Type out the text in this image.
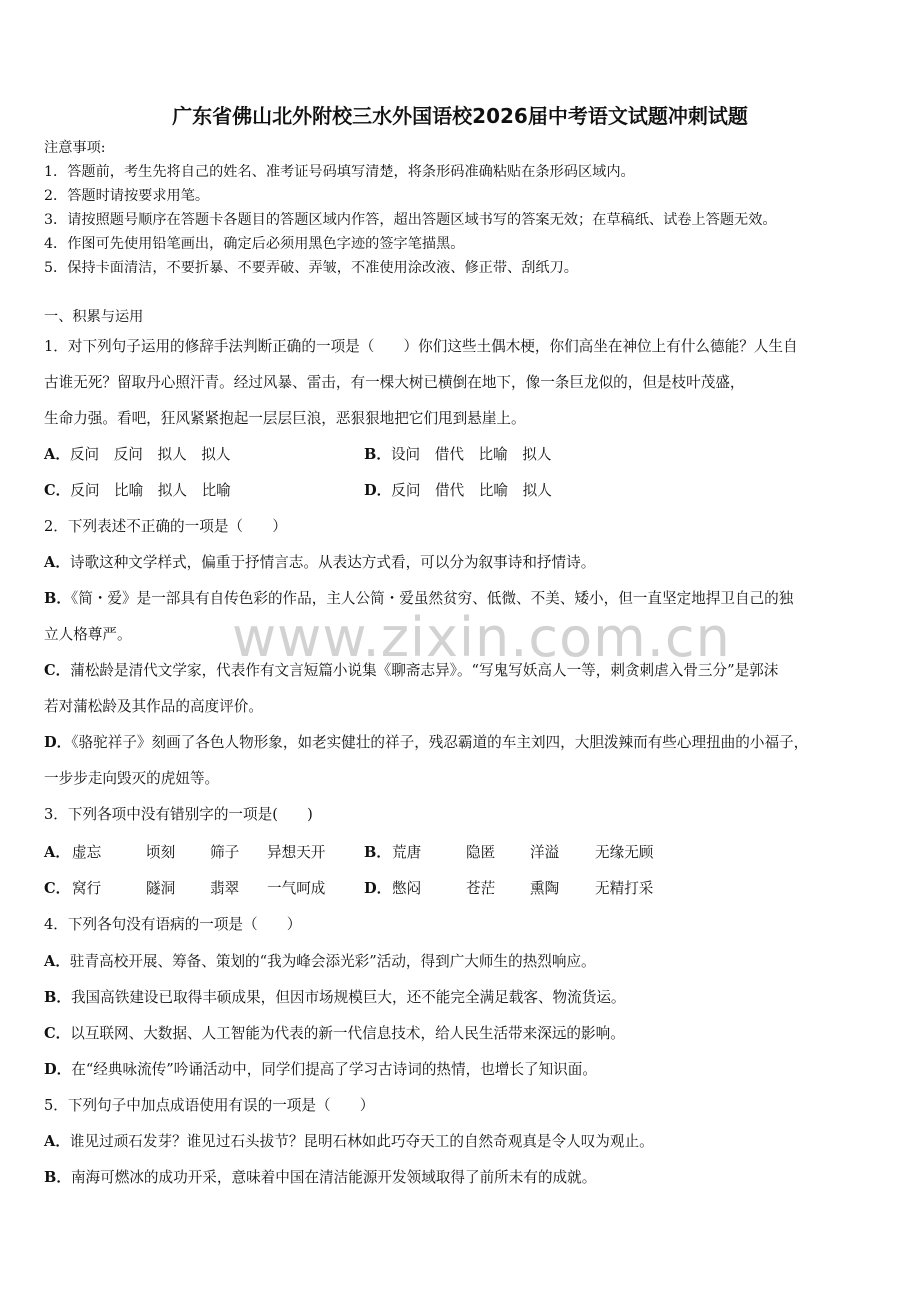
广东省佛山北外附校三水外国语校2026届中考语文试题冲刺试题
注意事项:
1．答题前，考生先将自己的姓名、准考证号码填写清楚，将条形码准确粘贴在条形码区域内。
2．答题时请按要求用笔。
3．请按照题号顺序在答题卡各题目的答题区域内作答，超出答题区域书写的答案无效；在草稿纸、试卷上答题无效。
4．作图可先使用铅笔画出，确定后必须用黑色字迹的签字笔描黑。
5．保持卡面清洁，不要折暴、不要弄破、弄皱，不准使用涂改液、修正带、刮纸刀。
一、积累与运用
1．对下列句子运用的修辞手法判断正确的一项是（　　）你们这些土偶木梗，你们高坐在神位上有什么德能？人生自
古谁无死？留取丹心照汗青。经过风暴、雷击，有一棵大树已横倒在地下，像一条巨龙似的，但是枝叶茂盛，
生命力强。看吧，狂风紧紧抱起一层层巨浪，恶狠狠地把它们甩到悬崖上。
A．反问　反问　拟人　拟人	B．设问　借代　比喻　拟人
C．反问　比喻　拟人　比喻	D．反问　借代　比喻　拟人
2．下列表述不正确的一项是（　　）
A．诗歌这种文学样式，偏重于抒情言志。从表达方式看，可以分为叙事诗和抒情诗。
B．《简・爱》是一部具有自传色彩的作品，主人公简・爱虽然贫穷、低微、不美、矮小，但一直坚定地捍卫自己的独
立人格尊严。
C．蒲松龄是清代文学家，代表作有文言短篇小说集《聊斋志异》。“写鬼写妖高人一等，刺贪刺虐入骨三分”是郭沫
若对蒲松龄及其作品的高度评价。
D．《骆驼祥子》刻画了各色人物形象，如老实健壮的祥子，残忍霸道的车主刘四，大胆泼辣而有些心理扭曲的小福子，
一步步走向毁灭的虎妞等。
3．下列各项中没有错别字的一项是(　　)
A． 虚忘	顷刻 筛子 异想天开	B． 荒唐	隐匿 洋溢 无缘无顾
C． 窝行	隧洞 翡翠 一气呵成	D． 憋闷	苍茫 熏陶 无精打采
4．下列各句没有语病的一项是（　　）
A．驻青高校开展、筹备、策划的“我为峰会添光彩”活动，得到广大师生的热烈响应。
B．我国高铁建设已取得丰硕成果，但因市场规模巨大，还不能完全满足载客、物流货运。
C．以互联网、大数据、人工智能为代表的新一代信息技术，给人民生活带来深远的影响。
D．在“经典咏流传”吟诵活动中，同学们提高了学习古诗词的热情，也增长了知识面。
5．下列句子中加点成语使用有误的一项是（　　）
A．谁见过顽石发芽？谁见过石头拔节？昆明石林如此巧夺天工的自然奇观真是令人叹为观止。
B．南海可燃冰的成功开采，意味着中国在清洁能源开发领域取得了前所未有的成就。
www.zixin.com.cn
